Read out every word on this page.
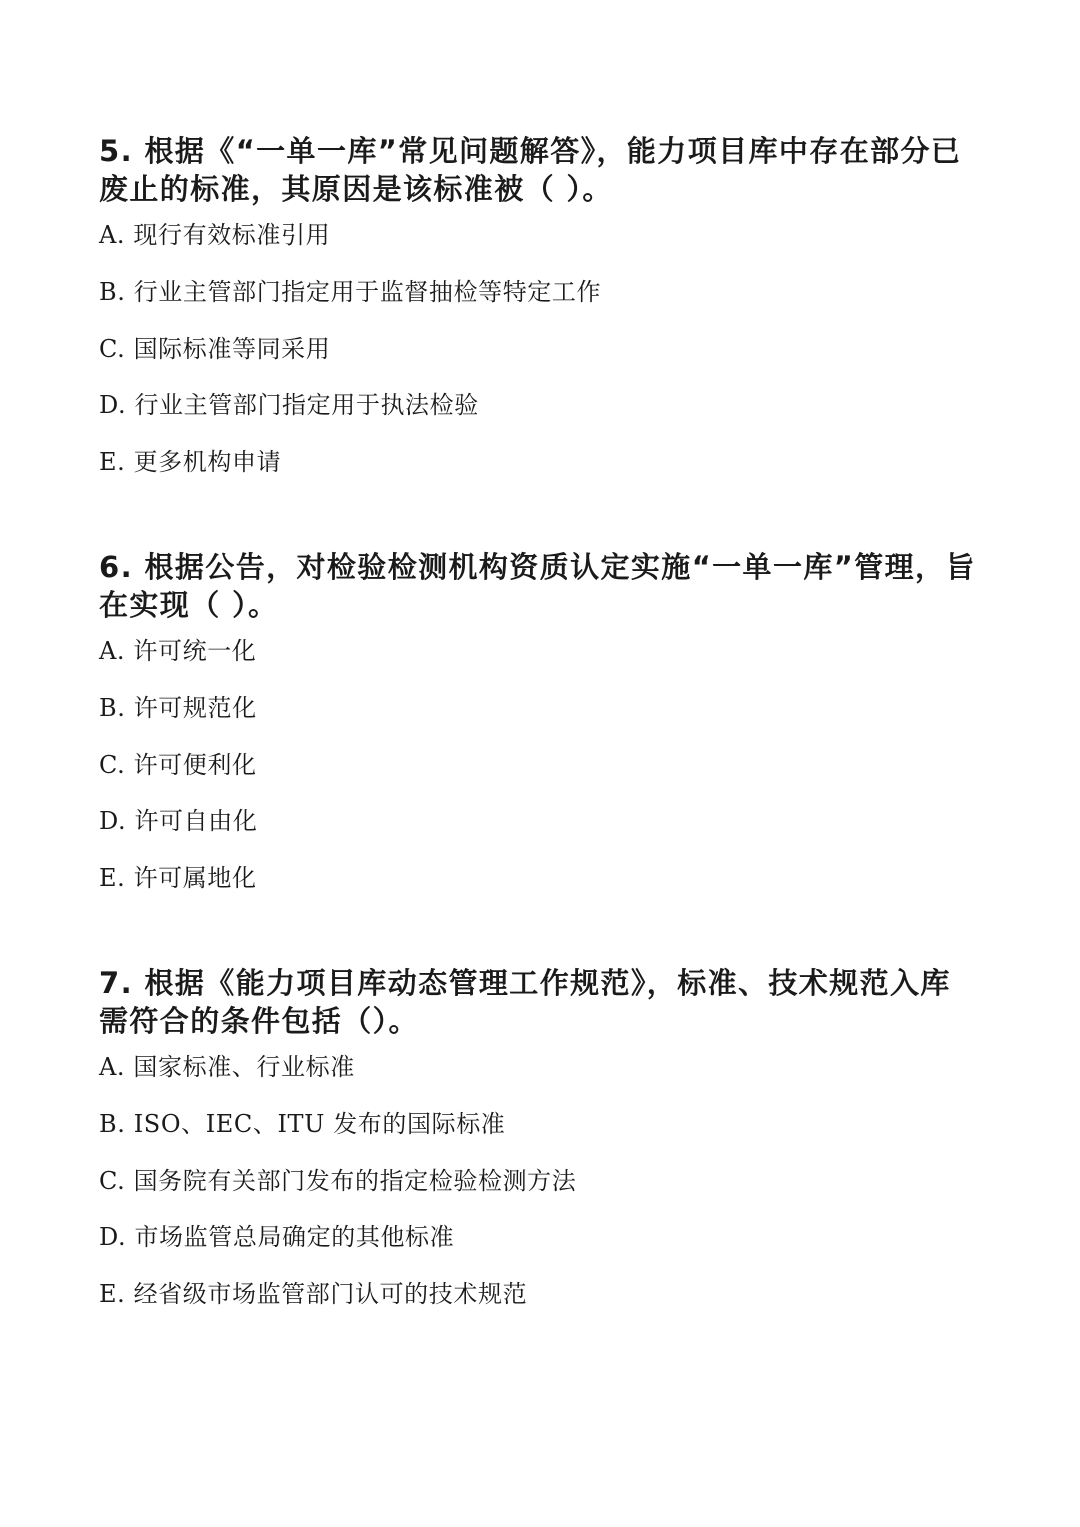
5. 根据《“一单一库”常见问题解答》，能力项目库中存在部分已废止的标准，其原因是该标准被（ ）。

A. 现行有效标准引用
B. 行业主管部门指定用于监督抽检等特定工作
C. 国际标准等同采用
D. 行业主管部门指定用于执法检验
E. 更多机构申请

6. 根据公告，对检验检测机构资质认定实施“一单一库”管理，旨在实现（ ）。

A. 许可统一化
B. 许可规范化
C. 许可便利化
D. 许可自由化
E. 许可属地化

7. 根据《能力项目库动态管理工作规范》，标准、技术规范入库需符合的条件包括（）。

A. 国家标准、行业标准
B. ISO、IEC、ITU 发布的国际标准
C. 国务院有关部门发布的指定检验检测方法
D. 市场监管总局确定的其他标准
E. 经省级市场监管部门认可的技术规范
